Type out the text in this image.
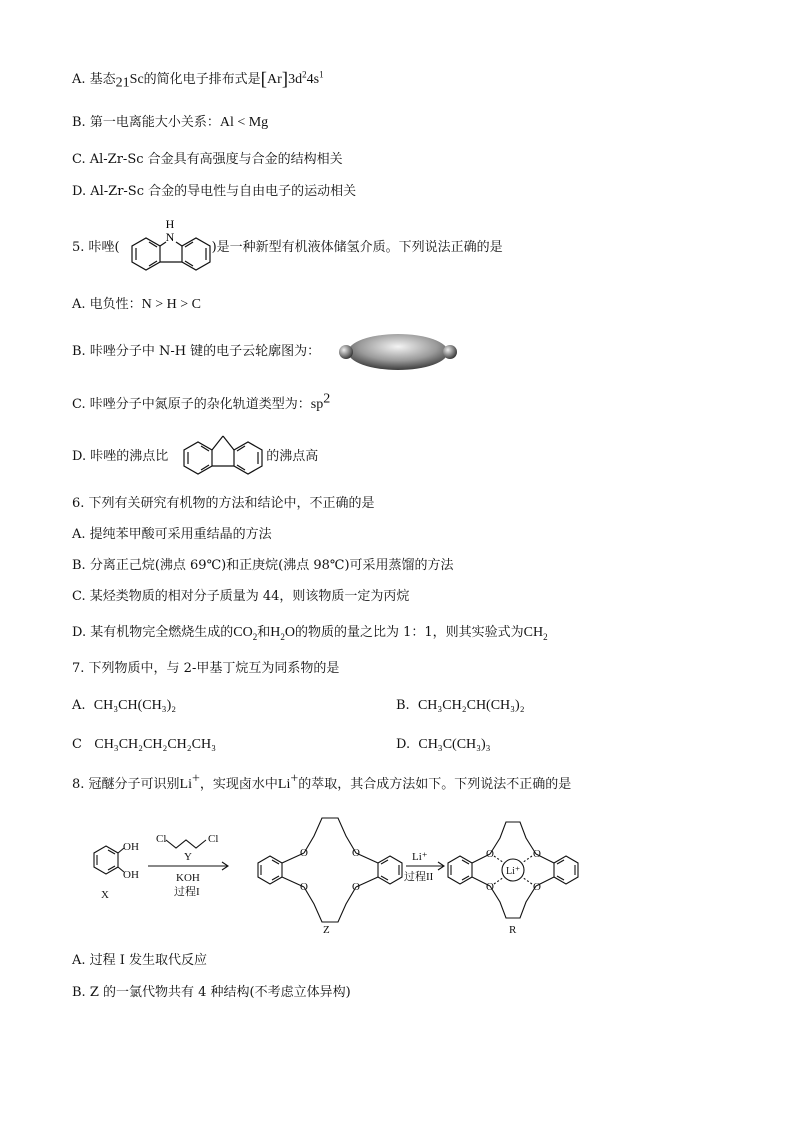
A. 基态$_{21}$Sc的简化电子排布式是$[Ar]3d^24s^1$
B. 第一电离能大小关系：Al < Mg
C. Al-Zr-Sc 合金具有高强度与合金的结构相关
D. Al-Zr-Sc 合金的导电性与自由电子的运动相关
5. 咔唑(	)是一种新型有机液体储氢介质。下列说法正确的是
H
N
A. 电负性：N > H > C
B. 咔唑分子中 N-H 键的电子云轮廓图为：
C. 咔唑分子中氮原子的杂化轨道类型为：$sp^2$
D. 咔唑的沸点比	的沸点高
6. 下列有关研究有机物的方法和结论中，不正确的是
A. 提纯苯甲酸可采用重结晶的方法
B. 分离正己烷(沸点 69℃)和正庚烷(沸点 98℃)可采用蒸馏的方法
C. 某烃类物质的相对分子质量为 44，则该物质一定为丙烷
D. 某有机物完全燃烧生成的$CO_2$和$H_2O$的物质的量之比为 1：1，则其实验式为$CH_2$
7. 下列物质中，与 2-甲基丁烷互为同系物的是
A. CH₃CH(CH₃)₂	B. CH₃CH₂CH(CH₃)₂
C CH₃CH₂CH₂CH₂CH₃	D. CH₃C(CH₃)₃
8. 冠醚分子可识别Li+，实现卤水中Li+的萃取，其合成方法如下。下列说法不正确的是
OH
OH
X
Cl	Cl
Y
KOH
过程I
O	O
O	O
Z
Li⁺
过程II
O	O
O	O
Li⁺
R
A. 过程 I 发生取代反应
B. Z 的一氯代物共有 4 种结构(不考虑立体异构)
